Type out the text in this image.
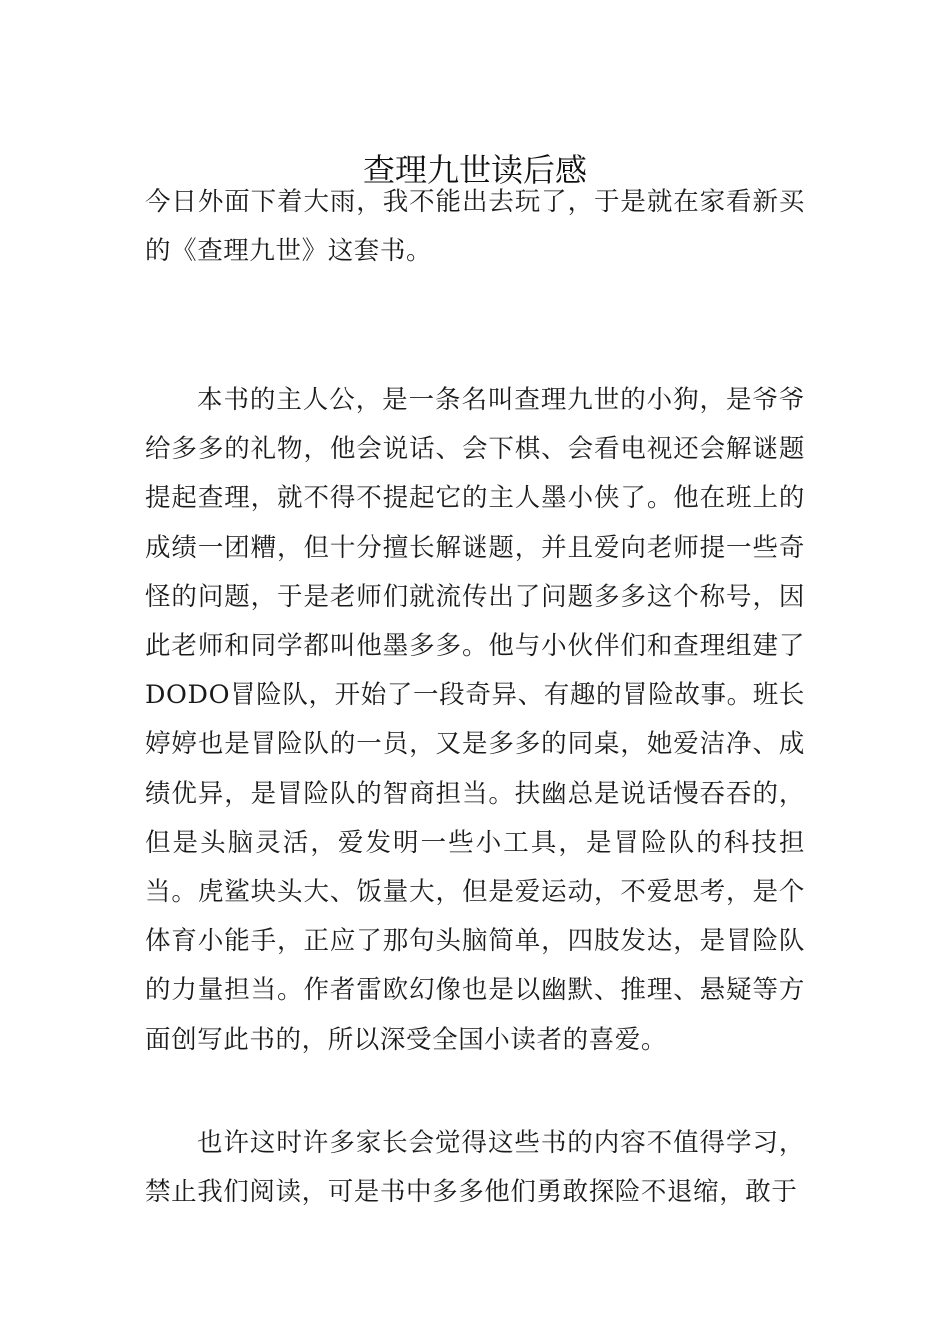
查理九世读后感

今日外面下着大雨，我不能出去玩了，于是就在家看新买的《查理九世》这套书。

本书的主人公，是一条名叫查理九世的小狗，是爷爷给多多的礼物，他会说话、会下棋、会看电视还会解谜题提起查理，就不得不提起它的主人墨小侠了。他在班上的成绩一团糟，但十分擅长解谜题，并且爱向老师提一些奇怪的问题，于是老师们就流传出了问题多多这个称号，因此老师和同学都叫他墨多多。他与小伙伴们和查理组建了DODO冒险队，开始了一段奇异、有趣的冒险故事。班长婷婷也是冒险队的一员，又是多多的同桌，她爱洁净、成绩优异，是冒险队的智商担当。扶幽总是说话慢吞吞的，但是头脑灵活，爱发明一些小工具，是冒险队的科技担当。虎鲨块头大、饭量大，但是爱运动，不爱思考，是个体育小能手，正应了那句头脑简单，四肢发达，是冒险队的力量担当。作者雷欧幻像也是以幽默、推理、悬疑等方面创写此书的，所以深受全国小读者的喜爱。

也许这时许多家长会觉得这些书的内容不值得学习，禁止我们阅读，可是书中多多他们勇敢探险不退缩，敢于
